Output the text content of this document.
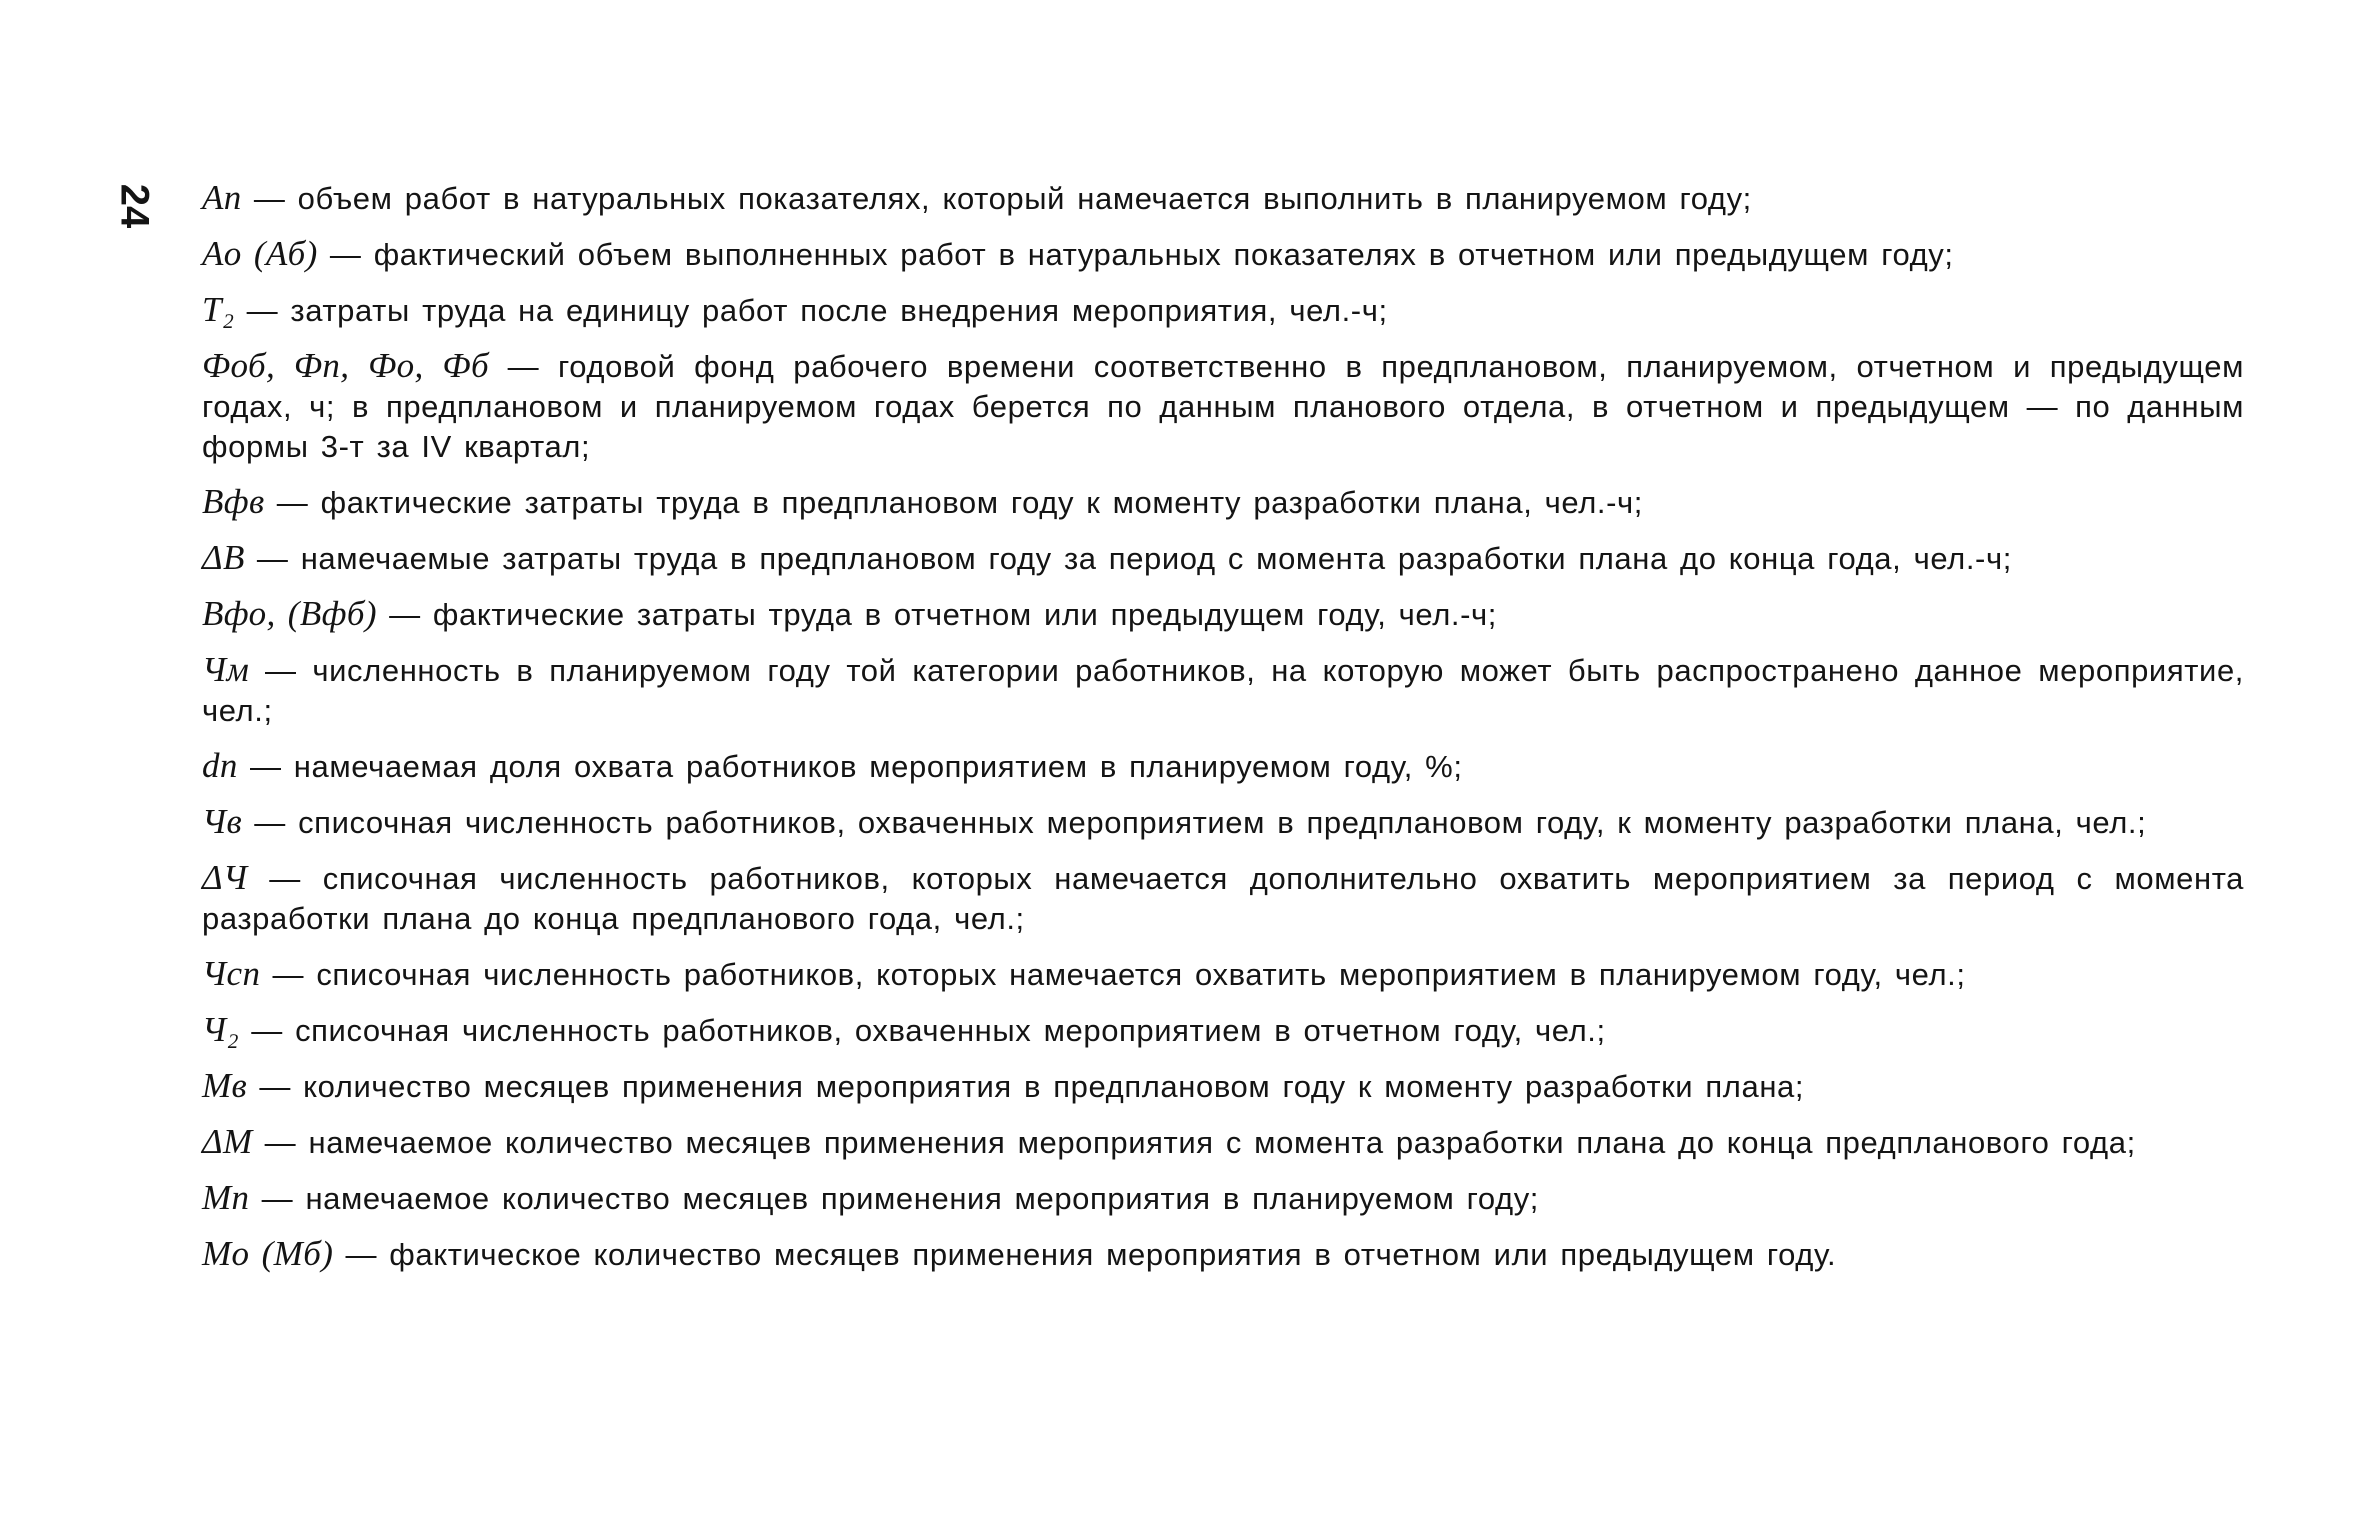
24 Aп — объем работ в натуральных показателях, который намечается выполнить в планируемом году;

Aо (Aб) — фактический объем выполненных работ в натуральных показателях в отчетном или предыдущем году;

T₂ — затраты труда на единицу работ после внедрения мероприятия, чел.-ч;

Фоб, Фп, Фо, Фб — годовой фонд рабочего времени соответственно в предплановом, планируемом, отчетном и предыдущем годах, ч; в предплановом и планируемом годах берется по данным планового отдела, в отчетном и предыдущем — по данным формы 3-т за IV квартал;

Bфв — фактические затраты труда в предплановом году к моменту разработки плана, чел.-ч;

ΔB — намечаемые затраты труда в предплановом году за период с момента разработки плана до конца года, чел.-ч;

Bфо, (Bфб) — фактические затраты труда в отчетном или предыдущем году, чел.-ч;

Чм — численность в планируемом году той категории работников, на которую может быть распространено данное мероприятие, чел.;

dп — намечаемая доля охвата работников мероприятием в планируемом году, %;

Чв — списочная численность работников, охваченных мероприятием в предплановом году, к моменту разработки плана, чел.;

ΔЧ — списочная численность работников, которых намечается дополнительно охватить мероприятием за период с момента разработки плана до конца предпланового года, чел.;

Чсп — списочная численность работников, которых намечается охватить мероприятием в планируемом году, чел.;

Ч₂ — списочная численность работников, охваченных мероприятием в отчетном году, чел.;

Mв — количество месяцев применения мероприятия в предплановом году к моменту разработки плана;

ΔM — намечаемое количество месяцев применения мероприятия с момента разработки плана до конца предпланового года;

Mп — намечаемое количество месяцев применения мероприятия в планируемом году;

Mо (Mб) — фактическое количество месяцев применения мероприятия в отчетном или предыдущем году.
